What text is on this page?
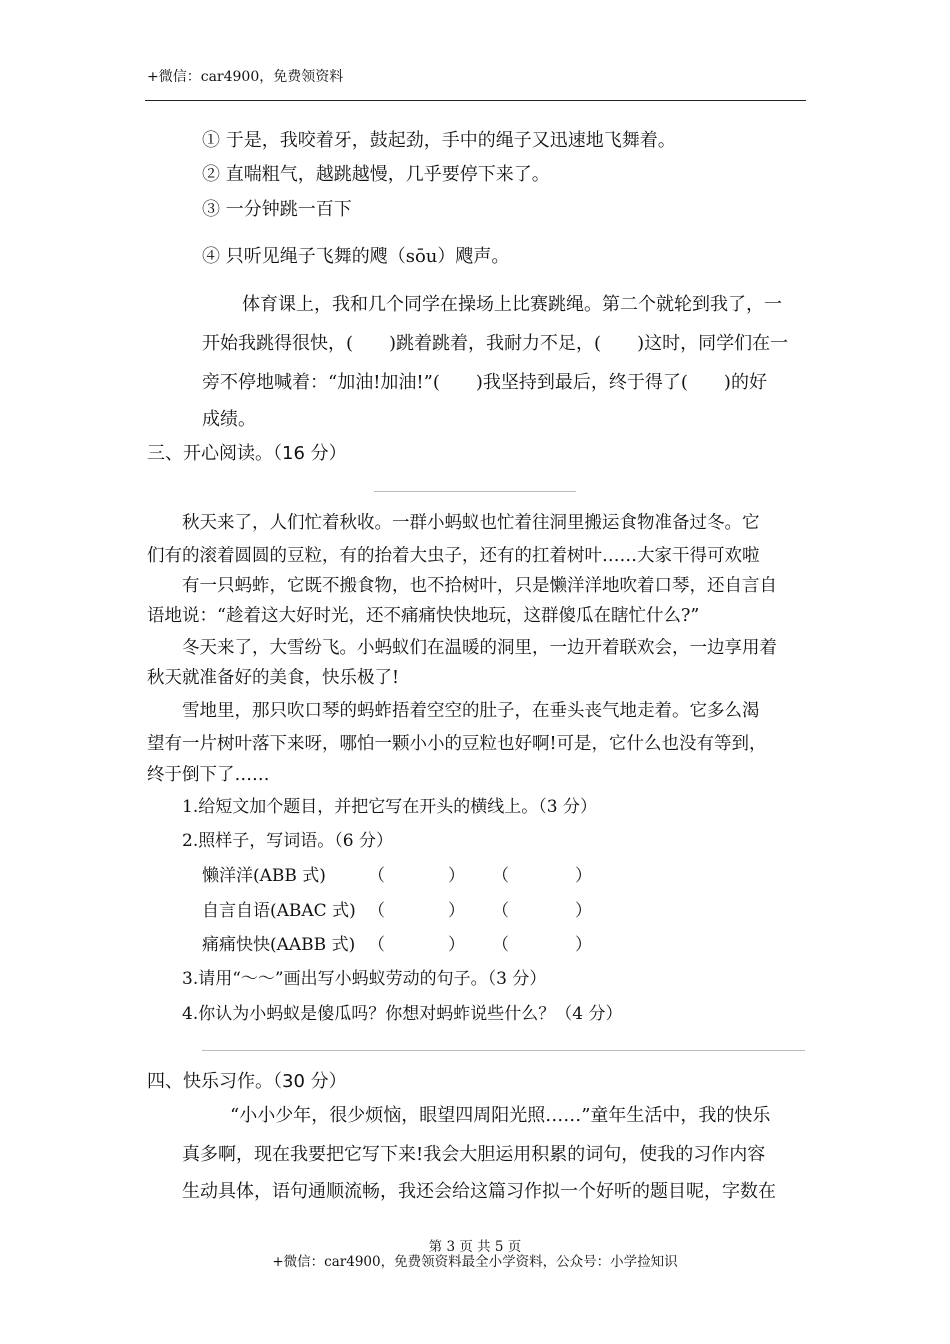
+微信：car4900，免费领资料
① 于是，我咬着牙，鼓起劲，手中的绳子又迅速地飞舞着。
② 直喘粗气，越跳越慢，几乎要停下来了。
③ 一分钟跳一百下
④ 只听见绳子飞舞的飕（sōu）飕声。
体育课上，我和几个同学在操场上比赛跳绳。第二个就轮到我了，一
开始我跳得很快，(　　)跳着跳着，我耐力不足，(　　)这时，同学们在一
旁不停地喊着：“加油!加油!”(　　)我坚持到最后，终于得了(　　)的好
成绩。
三、开心阅读。（16 分）
秋天来了，人们忙着秋收。一群小蚂蚁也忙着往洞里搬运食物准备过冬。它
们有的滚着圆圆的豆粒，有的抬着大虫子，还有的扛着树叶……大家干得可欢啦
有一只蚂蚱，它既不搬食物，也不拾树叶，只是懒洋洋地吹着口琴，还自言自
语地说：“趁着这大好时光，还不痛痛快快地玩，这群傻瓜在瞎忙什么?”
冬天来了，大雪纷飞。小蚂蚁们在温暖的洞里，一边开着联欢会，一边享用着
秋天就准备好的美食，快乐极了!
雪地里，那只吹口琴的蚂蚱捂着空空的肚子，在垂头丧气地走着。它多么渴
望有一片树叶落下来呀，哪怕一颗小小的豆粒也好啊!可是，它什么也没有等到，
终于倒下了……
1.给短文加个题目，并把它写在开头的横线上。（3 分）
2.照样子，写词语。（6 分）
懒洋洋(ABB 式) （	） （	）
自言自语(ABAC 式) （	） （	）
痛痛快快(AABB 式) （	） （	）
3.请用“～～”画出写小蚂蚁劳动的句子。（3 分）
4.你认为小蚂蚁是傻瓜吗？你想对蚂蚱说些什么？（4 分）
四、快乐习作。（30 分）
“小小少年，很少烦恼，眼望四周阳光照……”童年生活中，我的快乐
真多啊，现在我要把它写下来!我会大胆运用积累的词句，使我的习作内容
生动具体，语句通顺流畅，我还会给这篇习作拟一个好听的题目呢，字数在
第 3 页 共 5 页
+微信：car4900，免费领资料最全小学资料，公众号：小学捡知识
